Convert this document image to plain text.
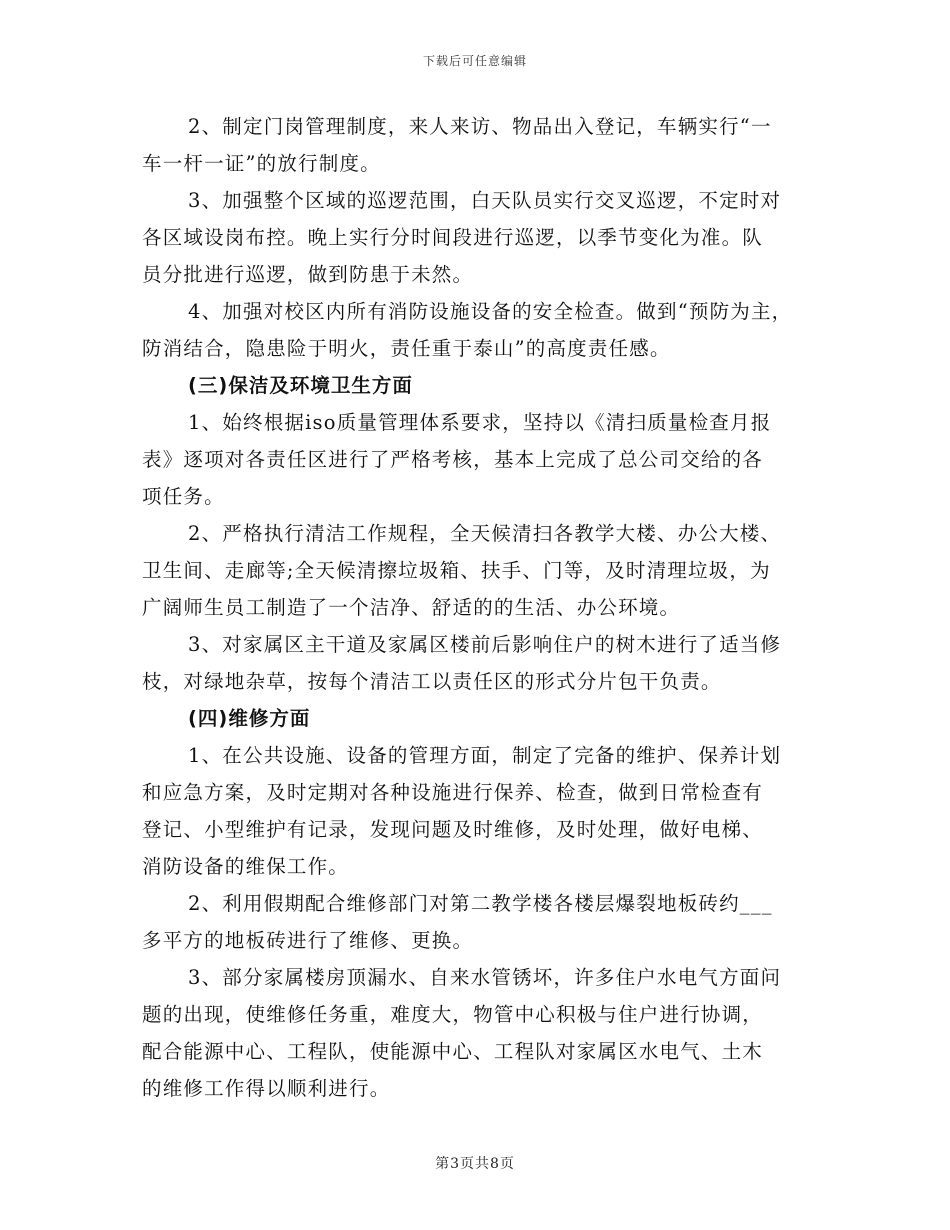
下载后可任意编辑
2、制定门岗管理制度，来人来访、物品出入登记，车辆实行“一
车一杆一证”的放行制度。
3、加强整个区域的巡逻范围，白天队员实行交叉巡逻，不定时对
各区域设岗布控。晚上实行分时间段进行巡逻，以季节变化为准。队
员分批进行巡逻，做到防患于未然。
4、加强对校区内所有消防设施设备的安全检查。做到“预防为主，
防消结合，隐患险于明火，责任重于泰山”的高度责任感。
(三)保洁及环境卫生方面
1、始终根据iso质量管理体系要求，坚持以《清扫质量检查月报
表》逐项对各责任区进行了严格考核，基本上完成了总公司交给的各
项任务。
2、严格执行清洁工作规程，全天候清扫各教学大楼、办公大楼、
卫生间、走廊等;全天候清擦垃圾箱、扶手、门等，及时清理垃圾，为
广阔师生员工制造了一个洁净、舒适的的生活、办公环境。
3、对家属区主干道及家属区楼前后影响住户的树木进行了适当修
枝，对绿地杂草，按每个清洁工以责任区的形式分片包干负责。
(四)维修方面
1、在公共设施、设备的管理方面，制定了完备的维护、保养计划
和应急方案，及时定期对各种设施进行保养、检查，做到日常检查有
登记、小型维护有记录，发现问题及时维修，及时处理，做好电梯、
消防设备的维保工作。
2、利用假期配合维修部门对第二教学楼各楼层爆裂地板砖约___
多平方的地板砖进行了维修、更换。
3、部分家属楼房顶漏水、自来水管锈坏，许多住户水电气方面问
题的出现，使维修任务重，难度大，物管中心积极与住户进行协调，
配合能源中心、工程队，使能源中心、工程队对家属区水电气、土木
的维修工作得以顺利进行。
第3页共8页
